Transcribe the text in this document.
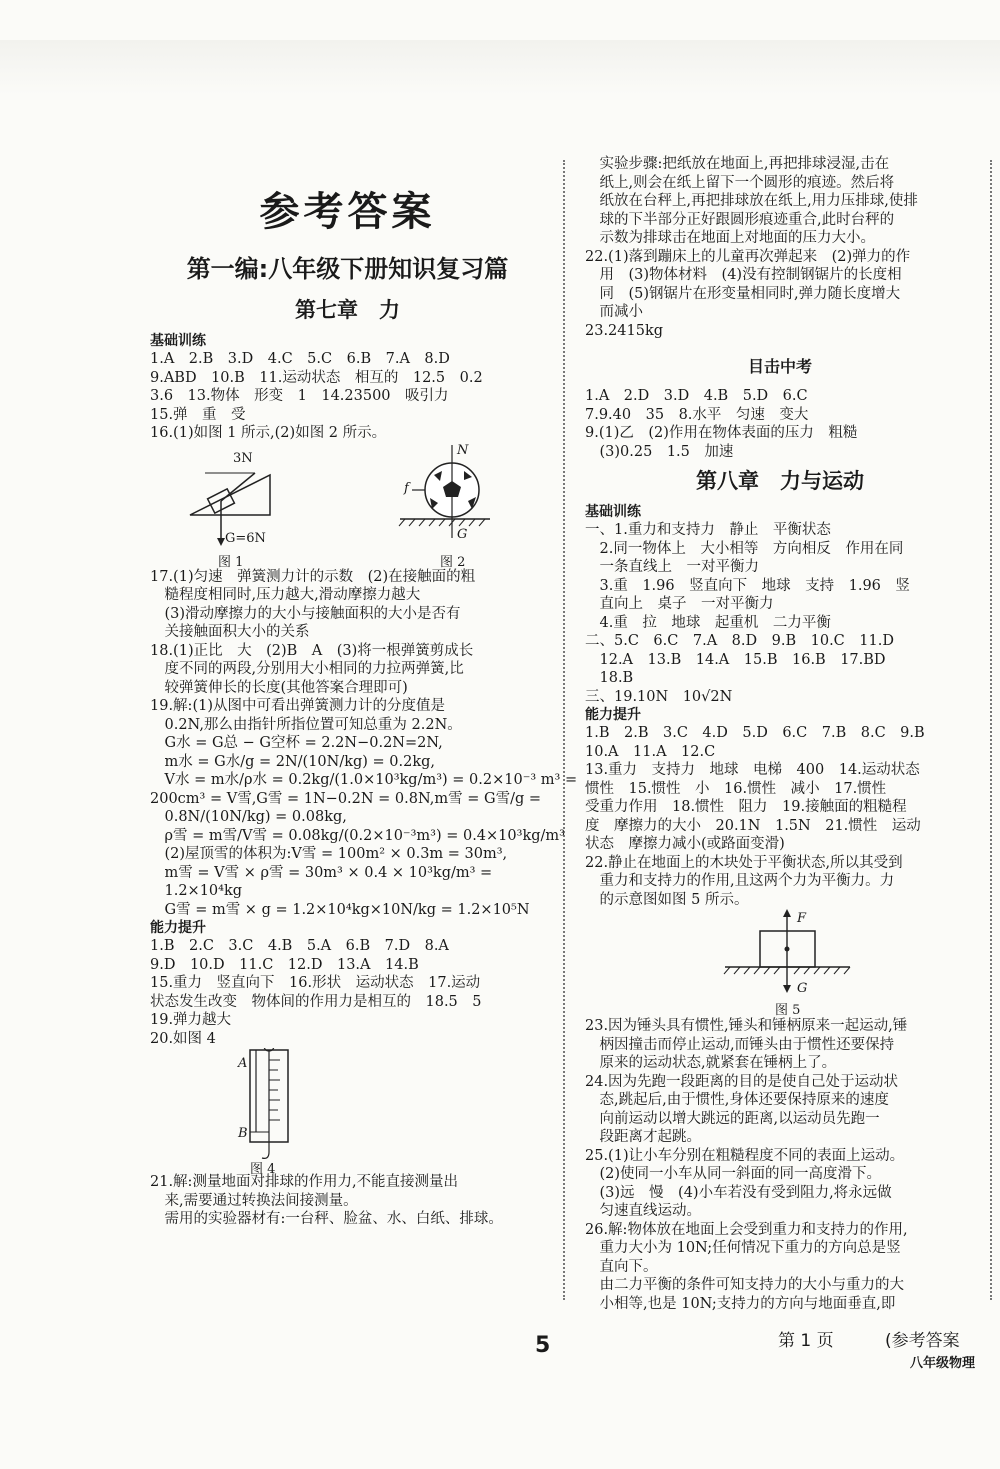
参考答案
第一编:八年级下册知识复习篇
第七章　力
基础训练
1.A　2.B　3.D　4.C　5.C　6.B　7.A　8.D
9.ABD　10.B　11.运动状态　相互的　12.5　0.2
3.6　13.物体　形变　1　14.23500　吸引力
15.弹　重　受
16.(1)如图 1 所示,(2)如图 2 所示。
3N
G=6N
图 1
N
f
G
图 2
17.(1)匀速　弹簧测力计的示数　(2)在接触面的粗
　糙程度相同时,压力越大,滑动摩擦力越大
　(3)滑动摩擦力的大小与接触面积的大小是否有
　关接触面积大小的关系
18.(1)正比　大　(2)B　A　(3)将一根弹簧剪成长
　度不同的两段,分别用大小相同的力拉两弹簧,比
　较弹簧伸长的长度(其他答案合理即可)
19.解:(1)从图中可看出弹簧测力计的分度值是
　0.2N,那么由指针所指位置可知总重为 2.2N。
　G水 = G总 − G空杯 = 2.2N−0.2N=2N,
　m水 = G水/g = 2N/(10N/kg) = 0.2kg,
　V水 = m水/ρ水 = 0.2kg/(1.0×10³kg/m³) = 0.2×10⁻³ m³ =
200cm³ = V雪,G雪 = 1N−0.2N = 0.8N,m雪 = G雪/g =
　0.8N/(10N/kg) = 0.08kg,
　ρ雪 = m雪/V雪 = 0.08kg/(0.2×10⁻³m³) = 0.4×10³kg/m³
　(2)屋顶雪的体积为:V雪 = 100m² × 0.3m = 30m³,
　m雪 = V雪 × ρ雪 = 30m³ × 0.4 × 10³kg/m³ =
　1.2×10⁴kg
　G雪 = m雪 × g = 1.2×10⁴kg×10N/kg = 1.2×10⁵N
能力提升
1.B　2.C　3.C　4.B　5.A　6.B　7.D　8.A
9.D　10.D　11.C　12.D　13.A　14.B
15.重力　竖直向下　16.形状　运动状态　17.运动
状态发生改变　物体间的作用力是相互的　18.5　5
19.弹力越大
20.如图 4
A
B
图 4
21.解:测量地面对排球的作用力,不能直接测量出
　来,需要通过转换法间接测量。
　需用的实验器材有:一台秤、脸盆、水、白纸、排球。
　实验步骤:把纸放在地面上,再把排球浸湿,击在
　纸上,则会在纸上留下一个圆形的痕迹。然后将
　纸放在台秤上,再把排球放在纸上,用力压排球,使排
　球的下半部分正好跟圆形痕迹重合,此时台秤的
　示数为排球击在地面上对地面的压力大小。
22.(1)落到蹦床上的儿童再次弹起来　(2)弹力的作
　用　(3)物体材料　(4)没有控制钢锯片的长度相
　同　(5)钢锯片在形变量相同时,弹力随长度增大
　而减小
23.2415kg
目击中考
1.A　2.D　3.D　4.B　5.D　6.C
7.9.40　35　8.水平　匀速　变大
9.(1)乙　(2)作用在物体表面的压力　粗糙
　(3)0.25　1.5　加速
第八章　力与运动
基础训练
一、1.重力和支持力　静止　平衡状态
　2.同一物体上　大小相等　方向相反　作用在同
　一条直线上　一对平衡力
　3.重　1.96　竖直向下　地球　支持　1.96　竖
　直向上　桌子　一对平衡力
　4.重　拉　地球　起重机　二力平衡
二、5.C　6.C　7.A　8.D　9.B　10.C　11.D
　12.A　13.B　14.A　15.B　16.B　17.BD
　18.B
三、19.10N　10√2N
能力提升
1.B　2.B　3.C　4.D　5.D　6.C　7.B　8.C　9.B
10.A　11.A　12.C
13.重力　支持力　地球　电梯　400　14.运动状态
惯性　15.惯性　小　16.惯性　减小　17.惯性
受重力作用　18.惯性　阻力　19.接触面的粗糙程
度　摩擦力的大小　20.1N　1.5N　21.惯性　运动
状态　摩擦力减小(或路面变滑)
22.静止在地面上的木块处于平衡状态,所以其受到
　重力和支持力的作用,且这两个力为平衡力。力
　的示意图如图 5 所示。
F
G
图 5
23.因为锤头具有惯性,锤头和锤柄原来一起运动,锤
　柄因撞击而停止运动,而锤头由于惯性还要保持
　原来的运动状态,就紧套在锤柄上了。
24.因为先跑一段距离的目的是使自己处于运动状
　态,跳起后,由于惯性,身体还要保持原来的速度
　向前运动以增大跳远的距离,以运动员先跑一
　段距离才起跳。
25.(1)让小车分别在粗糙程度不同的表面上运动。
　(2)使同一小车从同一斜面的同一高度滑下。
　(3)远　慢　(4)小车若没有受到阻力,将永远做
　匀速直线运动。
26.解:物体放在地面上会受到重力和支持力的作用,
　重力大小为 10N;任何情况下重力的方向总是竖
　直向下。
　由二力平衡的条件可知支持力的大小与重力的大
　小相等,也是 10N;支持力的方向与地面垂直,即
5	第 1 页	(参考答案
八年级物理
